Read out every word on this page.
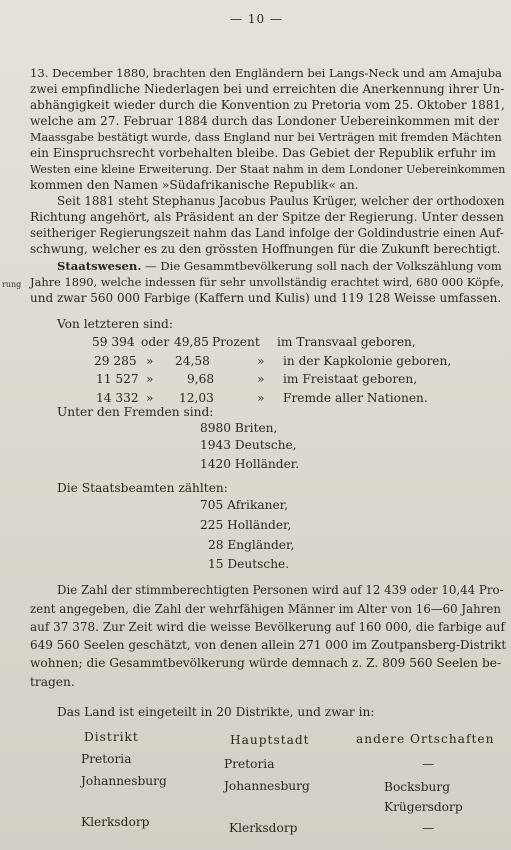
— 10 —
13. December 1880, brachten den Engländern bei Langs-Neck und am Amajuba
zwei empfindliche Niederlagen bei und erreichten die Anerkennung ihrer Un-
abhängigkeit wieder durch die Konvention zu Pretoria vom 25. Oktober 1881,
welche am 27. Februar 1884 durch das Londoner Uebereinkommen mit der
Maassgabe bestätigt wurde, dass England nur bei Verträgen mit fremden Mächten
ein Einspruchsrecht vorbehalten bleibe. Das Gebiet der Republik erfuhr im
Westen eine kleine Erweiterung. Der Staat nahm in dem Londoner Uebereinkommen
kommen den Namen »Südafrikanische Republik« an.
Seit 1881 steht Stephanus Jacobus Paulus Krüger, welcher der orthodoxen
Richtung angehört, als Präsident an der Spitze der Regierung. Unter dessen
seitheriger Regierungszeit nahm das Land infolge der Goldindustrie einen Auf-
schwung, welcher es zu den grössten Hoffnungen für die Zukunft berechtigt.
Staatswesen. — Die Gesammtbevölkerung soll nach der Volkszählung vom
rung Jahre 1890, welche indessen für sehr unvollständig erachtet wird, 680 000 Köpfe,
und zwar 560 000 Farbige (Kaffern und Kulis) und 119 128 Weisse umfassen.
Von letzteren sind:
59 394 oder 49,85 Prozent im Transvaal geboren,
29 285 » 24,58	» in der Kapkolonie geboren,
11 527 »	9,68	» im Freistaat geboren,
14 332 » 12,03	» Fremde aller Nationen.
Unter den Fremden sind:
8980 Briten,
1943 Deutsche,
1420 Holländer.
Die Staatsbeamten zählten:
705 Afrikaner,
225 Holländer,
28 Engländer,
15 Deutsche.
Die Zahl der stimmberechtigten Personen wird auf 12 439 oder 10,44 Pro-
zent angegeben, die Zahl der wehrfähigen Männer im Alter von 16—60 Jahren
auf 37 378. Zur Zeit wird die weisse Bevölkerung auf 160 000, die farbige auf
649 560 Seelen geschätzt, von denen allein 271 000 im Zoutpansberg-Distrikt
wohnen; die Gesammtbevölkerung würde demnach z. Z. 809 560 Seelen be-
tragen.
Das Land ist eingeteilt in 20 Distrikte, und zwar in:
Distrikt	Hauptstadt	andere Ortschaften
Pretoria	Pretoria	—
Johannesburg	Johannesburg	Bocksburg
Krügersdorp
Klerksdorp	Klerksdorp	—
